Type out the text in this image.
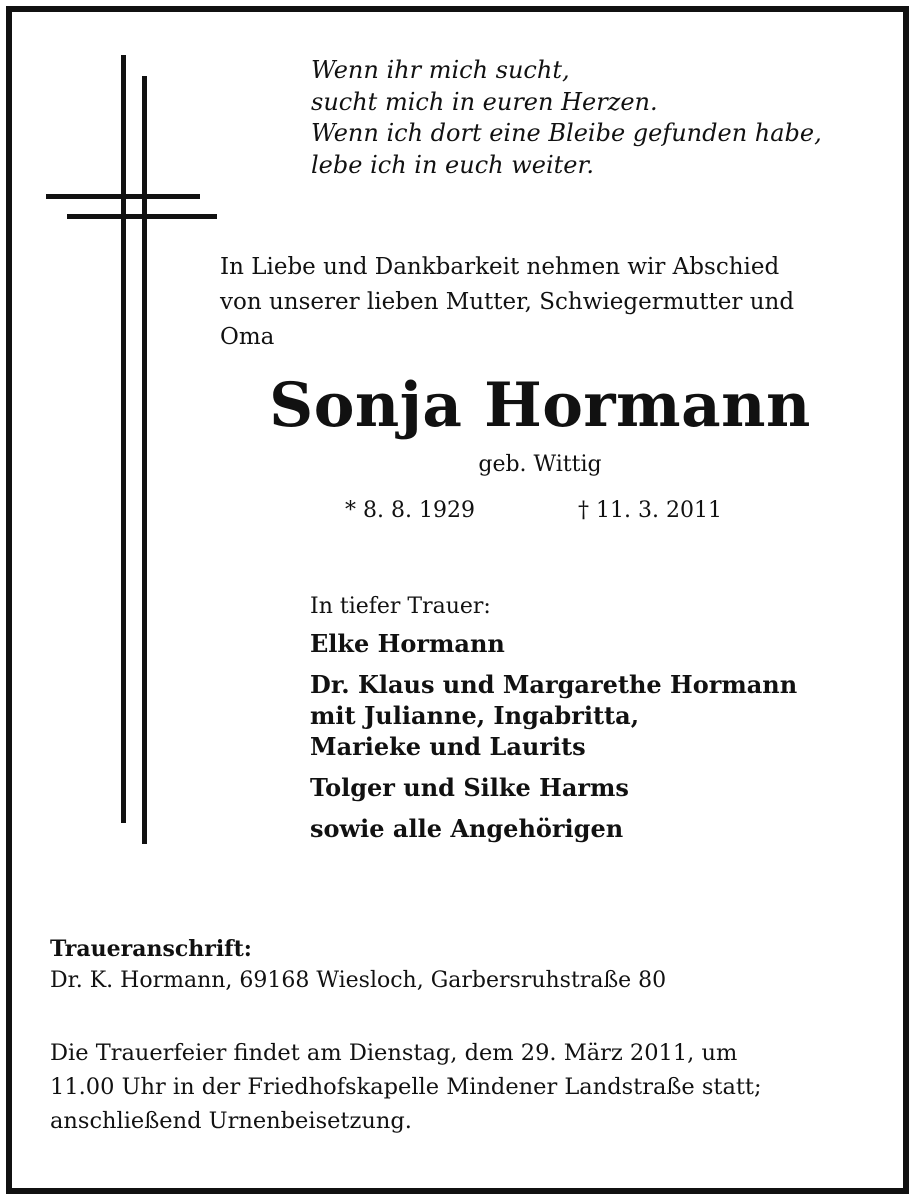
Wenn ihr mich sucht,
sucht mich in euren Herzen.
Wenn ich dort eine Bleibe gefunden habe,
lebe ich in euch weiter.
In Liebe und Dankbarkeit nehmen wir Abschied
von unserer lieben Mutter, Schwiegermutter und
Oma
Sonja Hormann
geb. Wittig
* 8. 8. 1929	† 11. 3. 2011
In tiefer Trauer:
Elke Hormann
Dr. Klaus und Margarethe Hormann
mit Julianne, Ingabritta,
Marieke und Laurits
Tolger und Silke Harms
sowie alle Angehörigen
Traueranschrift:
Dr. K. Hormann, 69168 Wiesloch, Garbersruhstraße 80
Die Trauerfeier findet am Dienstag, dem 29. März 2011, um
11.00 Uhr in der Friedhofskapelle Mindener Landstraße statt;
anschließend Urnenbeisetzung.
